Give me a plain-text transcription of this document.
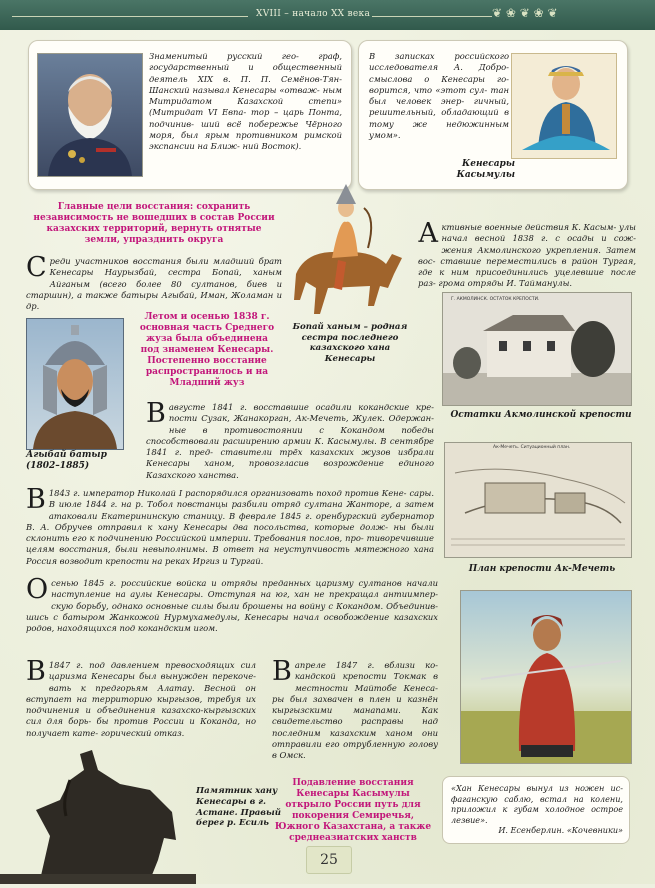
❦ ❀ ❦ ❀ ❦
XVIII – начало XX века
Знаменитый русский гео- граф, государственный и общественный деятель XIX в. П. П. Семёнов-Тян-Шанский называл Кенесары «отваж- ным Митридатом Казахской степи» (Митридат VI Евпа- тор – царь Понта, подчинив- ший всё побережье Чёрного моря, был ярым противником римской экспансии на Ближ- ний Восток).
В записках российского исследователя А. Добро- смыслова о Кенесары го- ворится, что «этот сул- тан был человек энер- гичный, решительный, обладающий в тому же недюжинным умом».
Кенесары Касымулы
Главные цели восстания: сохранить независимость не вошедших в состав России казахских территорий, вернуть отнятые земли, упразднить округа
Бопай ханым – родная сестра последнего казахского хана Кенесары
Активные военные действия К. Касым- улы начал весной 1838 г. с осады и сож- жения Акмолинского укрепления. Затем вос- ставшие переместились в район Тургая, где к ним присоединились уцелевшие после раз- грома отряды И. Тайманулы.
Среди участников восстания были младший брат Кенесары Наурызбай, сестра Бопай, ханым Айганым (всего более 80 султанов, биев и старшин), а также батыры Агыбай, Иман, Жоламан и др.
Агыбай батыр (1802–1885)
Летом и осенью 1838 г. основная часть Среднего жуза была объединена под знаменем Кенесары. Постепенно восстание распространилось и на Младший жуз
Г. АКМОЛИНСК. ОСТАТОК КРЕПОСТИ.
Остатки Акмолинской крепости
Вавгусте 1841 г. восставшие осадили кокандские кре- пости Сузак, Жанакорган, Ак-Мечеть, Жулек. Одержан- ные в противостоянии с Кокандом победы способствовали расширению армии К. Касымулы. В сентябре 1841 г. пред- ставители трёх казахских жузов избрали Кенесары ханом, провозгласив возрождение единого Казахского ханства.
Ак-Мечеть. Ситуационный план.
План крепости Ак-Мечеть
В 1843 г. император Николай I распорядился организовать поход против Кене- сары. В июле 1844 г. на р. Тобол повстанцы разбили отряд султана Жанторе, а затем атаковали Екатерининскую станицу. В феврале 1845 г. оренбургский губернатор В. А. Обручев отправил к хану Кенесары два посольства, которые долж- ны были склонить его к подчинению Российской империи. Требования послов, про- тиворечившие целям восстания, были невыполнимы. В ответ на неуступчивость мятежного хана Россия возводит крепости на реках Иргиз и Тургай.
Осенью 1845 г. российские войска и отряды преданных царизму султанов начали наступление на аулы Кенесары. Отступая на юг, хан не прекращал антиимпер- скую борьбу, однако основные силы были брошены на войну с Кокандом. Объединив- шись с батыром Жанкожой Нурмухамедулы, Кенесары начал освобождение казахских родов, находящихся под кокандским игом.
«Хан Кенесары вынул из ножен ис- фаганскую саблю, встал на колени, приложил к губам холодное острое лезвие».
И. Есенберлин. «Кочевники»
В 1847 г. под давлением превосходящих сил царизма Кенесары был вынужден перекоче- вать к предгорьям Алатау. Весной он вступает на территорию кыргызов, требуя их подчинения и объединения казахско-кыргызских сил для борь- бы против России и Коканда, но получает кате- горический отказ.
Вапреле 1847 г. вблизи ко- кандской крепости Токмак в местности Майтобе Кенеса- ры был захвачен в плен и казнён кыргызскими манапами. Как свидетельство расправы над последним казахским ханом они отправили его отрубленную голову в Омск.
Памятник хану Кенесары в г. Астане. Правый берег р. Есиль
Подавление восстания Кенесары Касымулы открыло России путь для покорения Семиречья, Южного Казахстана, а также среднеазиатских ханств
25
